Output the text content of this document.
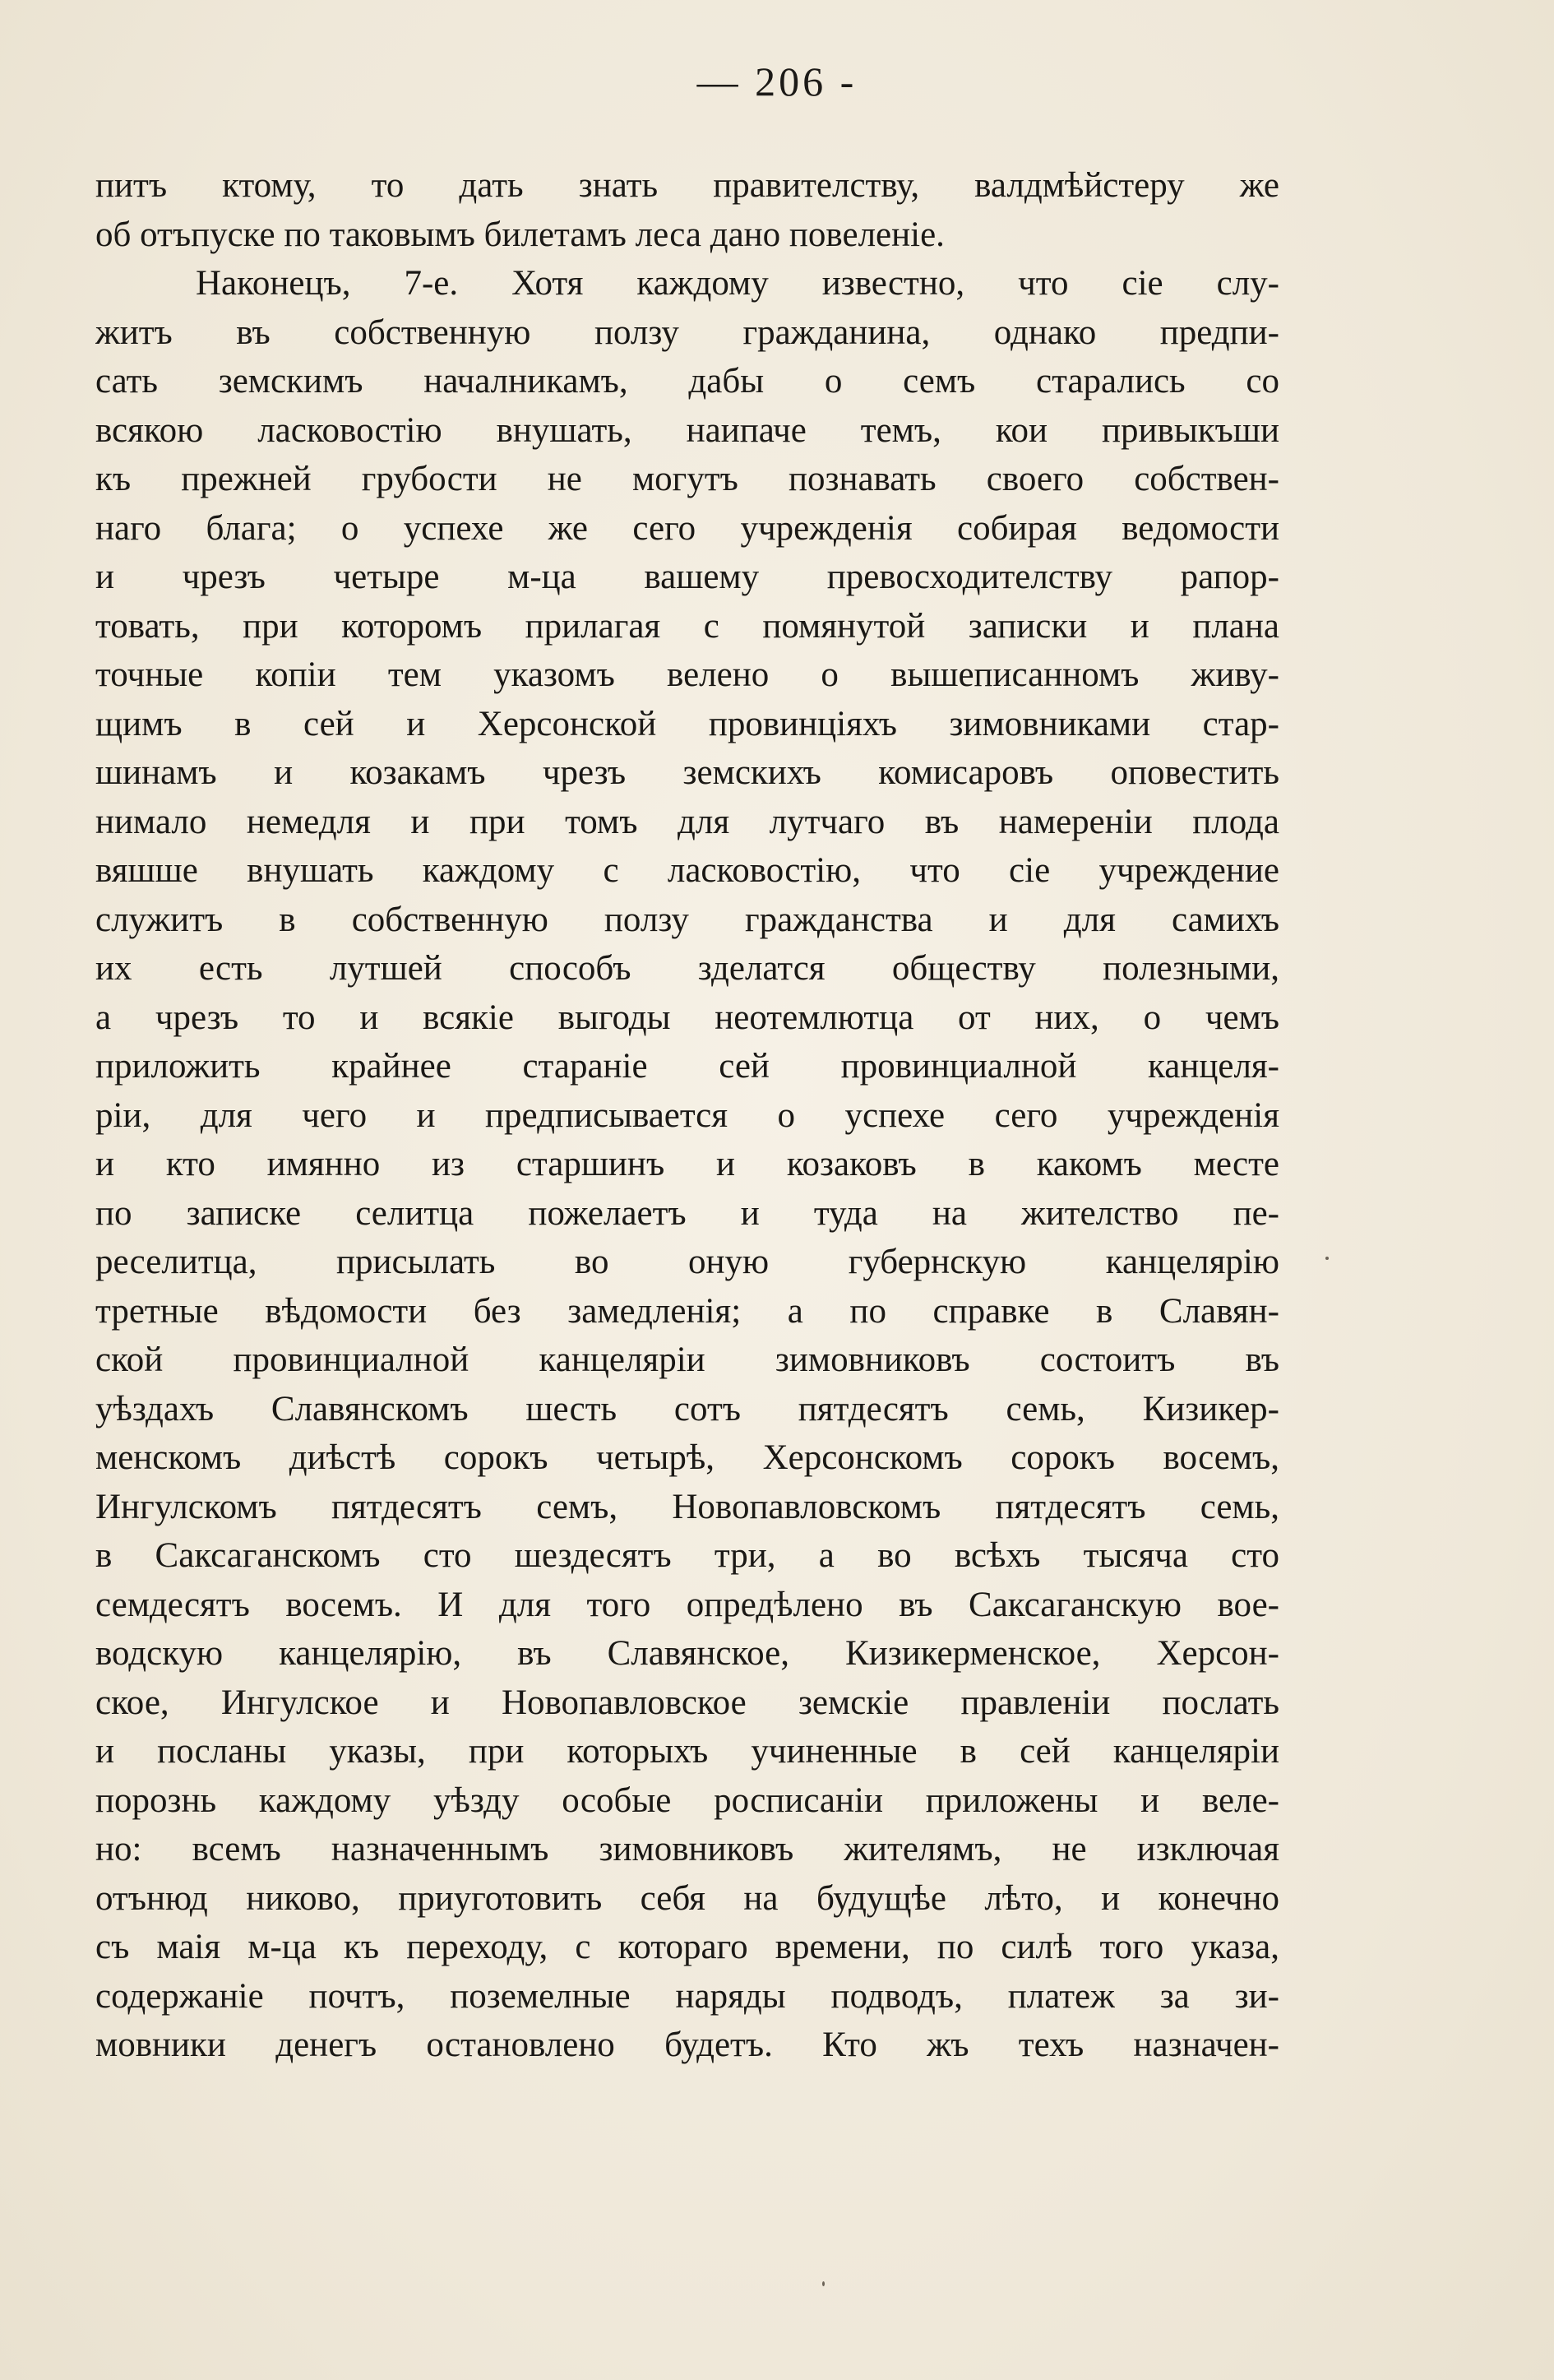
— 206 -
питъ ктому, то дать знать правителству, валдмѣйстеру же
об отъпуске по таковымъ билетамъ леса дано повеленіе.
Наконецъ, 7-е. Хотя каждому известно, что сіе слу-
житъ въ собственную ползу гражданина, однако предпи-
сать земскимъ началникамъ, дабы о семъ старались со
всякою ласковостію внушать, наипаче темъ, кои привыкъши
къ прежней грубости не могутъ познавать своего собствен-
наго блага; о успехе же сего учрежденія собирая ведомости
и чрезъ четыре м-ца вашему превосходителству рапор-
товать, при которомъ прилагая с помянутой записки и плана
точные копіи тем указомъ велено о вышеписанномъ живу-
щимъ в сей и Херсонской провинціяхъ зимовниками стар-
шинамъ и козакамъ чрезъ земскихъ комисаровъ оповестить
нимало немедля и при томъ для лутчаго въ намереніи плода
вяшше внушать каждому с ласковостію, что сіе учреждение
служитъ в собственную ползу гражданства и для самихъ
их есть лутшей способъ зделатся обществу полезными,
а чрезъ то и всякіе выгоды неотемлютца от них, о чемъ
приложить крайнее стараніе сей провинциалной канцеля-
ріи, для чего и предписывается о успехе сего учрежденія
и кто имянно из старшинъ и козаковъ в какомъ месте
по записке селитца пожелаетъ и туда на жителство пе-
реселитца, присылать во оную губернскую канцелярію
третные вѣдомости без замедленія; а по справке в Славян-
ской провинциалной канцеляріи зимовниковъ состоитъ въ
уѣздахъ Славянскомъ шесть сотъ пятдесятъ семь, Кизикер-
менскомъ диѣстѣ сорокъ четырѣ, Херсонскомъ сорокъ восемъ,
Ингулскомъ пятдесятъ семъ, Новопавловскомъ пятдесятъ семь,
в Саксаганскомъ сто шездесятъ три, а во всѣхъ тысяча сто
семдесятъ восемъ. И для того опредѣлено въ Саксаганскую вое-
водскую канцелярію, въ Славянское, Кизикерменское, Херсон-
ское, Ингулское и Новопавловское земскіе правленіи послать
и посланы указы, при которыхъ учиненные в сей канцеляріи
порознь каждому уѣзду особые росписаніи приложены и веле-
но: всемъ назначеннымъ зимовниковъ жителямъ, не изключая
отънюд никово, приуготовить себя на будущѣе лѣто, и конечно
съ маія м-ца къ переходу, с котораго времени, по силѣ того указа,
содержаніе почтъ, поземелные наряды подводъ, платеж за зи-
мовники денегъ остановлено будетъ. Кто жъ техъ назначен-
